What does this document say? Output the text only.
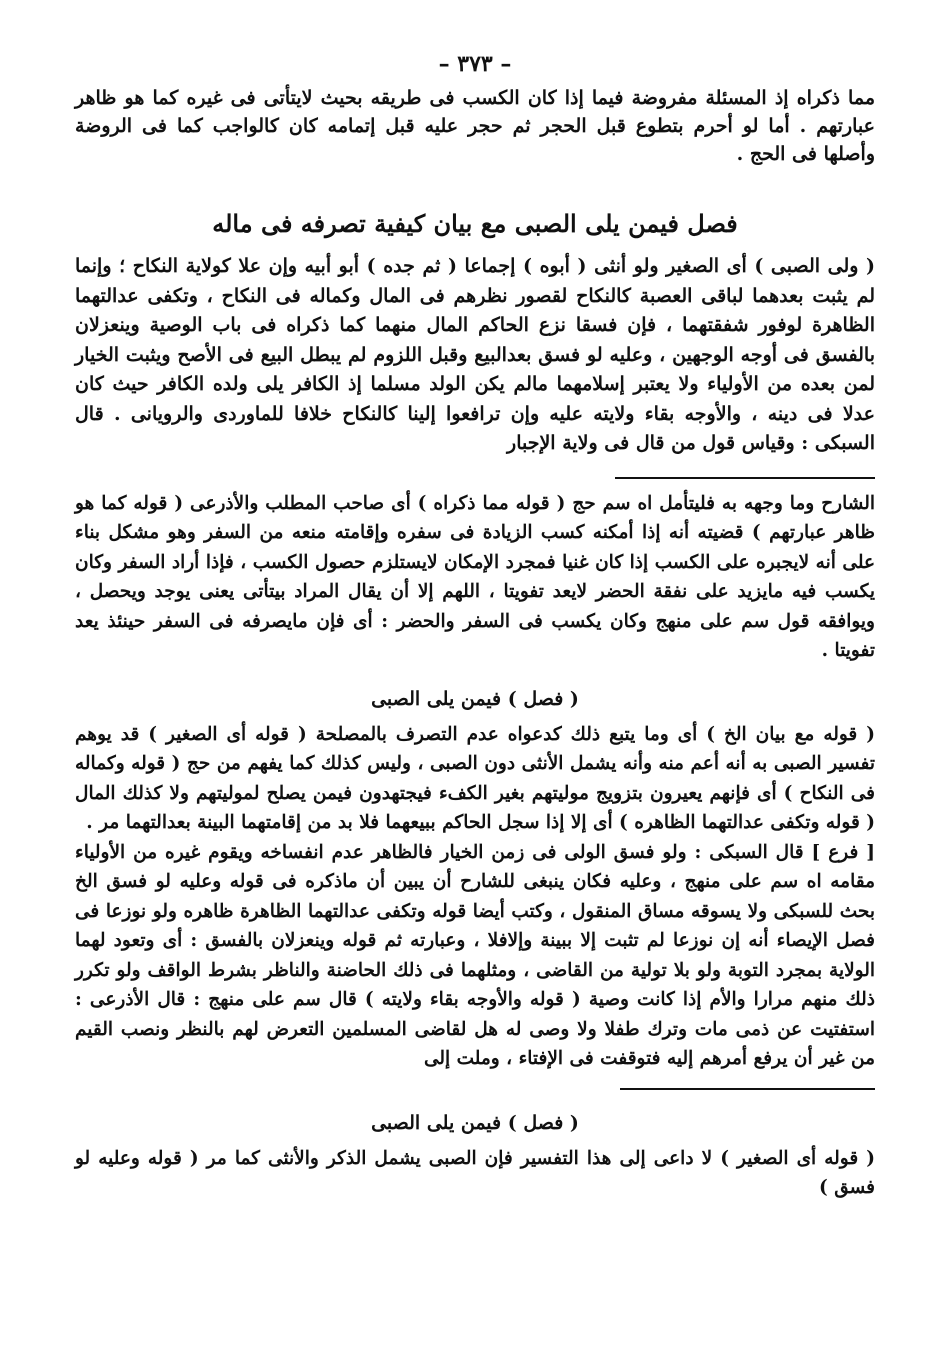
– ٣٧٣ –

مما ذكراه إذ المسئلة مفروضة فيما إذا كان الكسب فى طريقه بحيث لايتأتى فى غيره كما هو ظاهر عبارتهم . أما لو أحرم بتطوع قبل الحجر ثم حجر عليه قبل إتمامه كان كالواجب كما فى الروضة وأصلها فى الحج .

فصل فيمن يلى الصبى مع بيان كيفية تصرفه فى ماله

( ولى الصبى ) أى الصغير ولو أنثى ( أبوه ) إجماعا ( ثم جده ) أبو أبيه وإن علا كولاية النكاح ؛ وإنما لم يثبت بعدهما لباقى العصبة كالنكاح لقصور نظرهم فى المال وكماله فى النكاح ، وتكفى عدالتهما الظاهرة لوفور شفقتهما ، فإن فسقا نزع الحاكم المال منهما كما ذكراه فى باب الوصية وينعزلان بالفسق فى أوجه الوجهين ، وعليه لو فسق بعدالبيع وقبل اللزوم لم يبطل البيع فى الأصح ويثبت الخيار لمن بعده من الأولياء ولا يعتبر إسلامهما مالم يكن الولد مسلما إذ الكافر يلى ولده الكافر حيث كان عدلا فى دينه ، والأوجه بقاء ولايته عليه وإن ترافعوا إلينا كالنكاح خلافا للماوردى والرويانى . قال السبكى : وقياس قول من قال فى ولاية الإجبار

الشارح وما وجهه به فليتأمل اه سم حج ( قوله مما ذكراه ) أى صاحب المطلب والأذرعى ( قوله كما هو ظاهر عبارتهم ) قضيته أنه إذا أمكنه كسب الزيادة فى سفره وإقامته منعه من السفر وهو مشكل بناء على أنه لايجبره على الكسب إذا كان غنيا فمجرد الإمكان لايستلزم حصول الكسب ، فإذا أراد السفر وكان يكسب فيه مايزيد على نفقة الحضر لايعد تفويتا ، اللهم إلا أن يقال المراد بيتأتى يعنى يوجد ويحصل ، ويوافقه قول سم على منهج وكان يكسب فى السفر والحضر : أى فإن مايصرفه فى السفر حينئذ يعد تفويتا .

( فصل ) فيمن يلى الصبى

( قوله مع بيان الخ ) أى وما يتبع ذلك كدعواه عدم التصرف بالمصلحة ( قوله أى الصغير ) قد يوهم تفسير الصبى به أنه أعم منه وأنه يشمل الأنثى دون الصبى ، وليس كذلك كما يفهم من حج ( قوله وكماله فى النكاح ) أى فإنهم يعيرون بتزويج موليتهم بغير الكفء فيجتهدون فيمن يصلح لموليتهم ولا كذلك المال ( قوله وتكفى عدالتهما الظاهره ) أى إلا إذا سجل الحاكم ببيعهما فلا بد من إقامتهما البينة بعدالتهما مر .

[ فرع ] قال السبكى : ولو فسق الولى فى زمن الخيار فالظاهر عدم انفساخه ويقوم غيره من الأولياء مقامه اه سم على منهج ، وعليه فكان ينبغى للشارح أن يبين أن ماذكره فى قوله وعليه لو فسق الخ بحث للسبكى ولا يسوقه مساق المنقول ، وكتب أيضا قوله وتكفى عدالتهما الظاهرة ظاهره ولو نوزعا فى فصل الإيصاء أنه إن نوزعا لم تثبت إلا ببينة وإلافلا ، وعبارته ثم قوله وينعزلان بالفسق : أى وتعود لهما الولاية بمجرد التوبة ولو بلا تولية من القاضى ، ومثلهما فى ذلك الحاضنة والناظر بشرط الواقف ولو تكرر ذلك منهم مرارا والأم إذا كانت وصية ( قوله والأوجه بقاء ولايته ) قال سم على منهج : قال الأذرعى : استفتيت عن ذمى مات وترك طفلا ولا وصى له هل لقاضى المسلمين التعرض لهم بالنظر ونصب القيم من غير أن يرفع أمرهم إليه فتوقفت فى الإفتاء ، وملت إلى

( فصل ) فيمن يلى الصبى

( قوله أى الصغير ) لا داعى إلى هذا التفسير فإن الصبى يشمل الذكر والأنثى كما مر ( قوله وعليه لو فسق )
